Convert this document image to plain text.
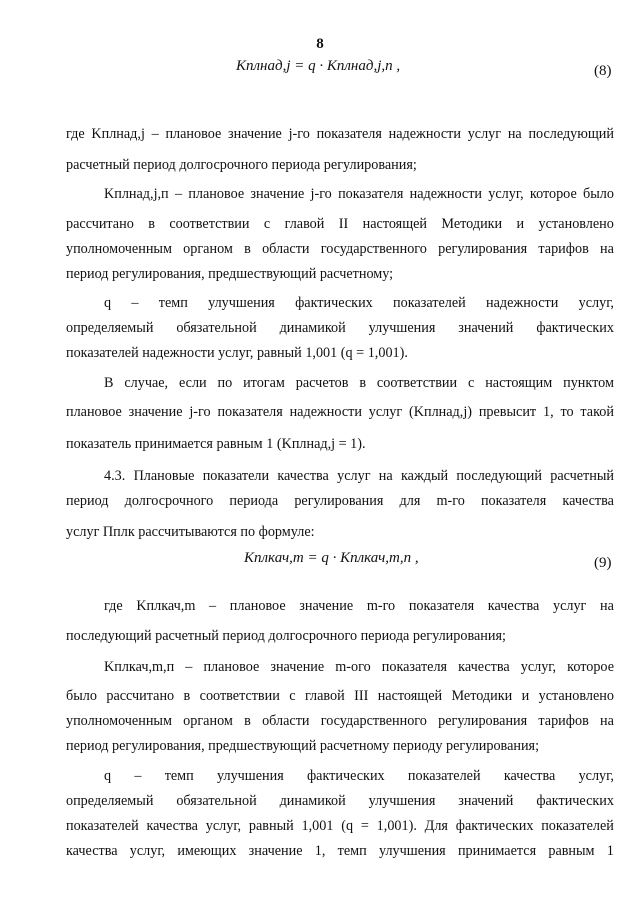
8
Kплнад,j = q · Kплнад,j,п ,	(8)
где Kплнад,j – плановое значение j-го показателя надежности услуг на последующий
расчетный период долгосрочного периода регулирования;
Kплнад,j,п – плановое значение j-го показателя надежности услуг, которое было
рассчитано в соответствии с главой II настоящей Методики и установлено
уполномоченным органом в области государственного регулирования тарифов на
период регулирования, предшествующий расчетному;
q – темп улучшения фактических показателей надежности услуг,
определяемый обязательной динамикой улучшения значений фактических
показателей надежности услуг, равный 1,001 (q = 1,001).
В случае, если по итогам расчетов в соответствии с настоящим пунктом
плановое значение j-го показателя надежности услуг (Kплнад,j) превысит 1, то такой
показатель принимается равным 1 (Kплнад,j = 1).
4.3. Плановые показатели качества услуг на каждый последующий расчетный
период долгосрочного периода регулирования для m-го показателя качества
услуг Пплк рассчитываются по формуле:
Kплкач,m = q · Kплкач,m,п ,	(9)
где Kплкач,m – плановое значение m-го показателя качества услуг на
последующий расчетный период долгосрочного периода регулирования;
Kплкач,m,п – плановое значение m-ого показателя качества услуг, которое
было рассчитано в соответствии с главой III настоящей Методики и установлено
уполномоченным органом в области государственного регулирования тарифов на
период регулирования, предшествующий расчетному периоду регулирования;
q – темп улучшения фактических показателей качества услуг,
определяемый обязательной динамикой улучшения значений фактических
показателей качества услуг, равный 1,001 (q = 1,001). Для фактических показателей
качества услуг, имеющих значение 1, темп улучшения принимается равным 1
